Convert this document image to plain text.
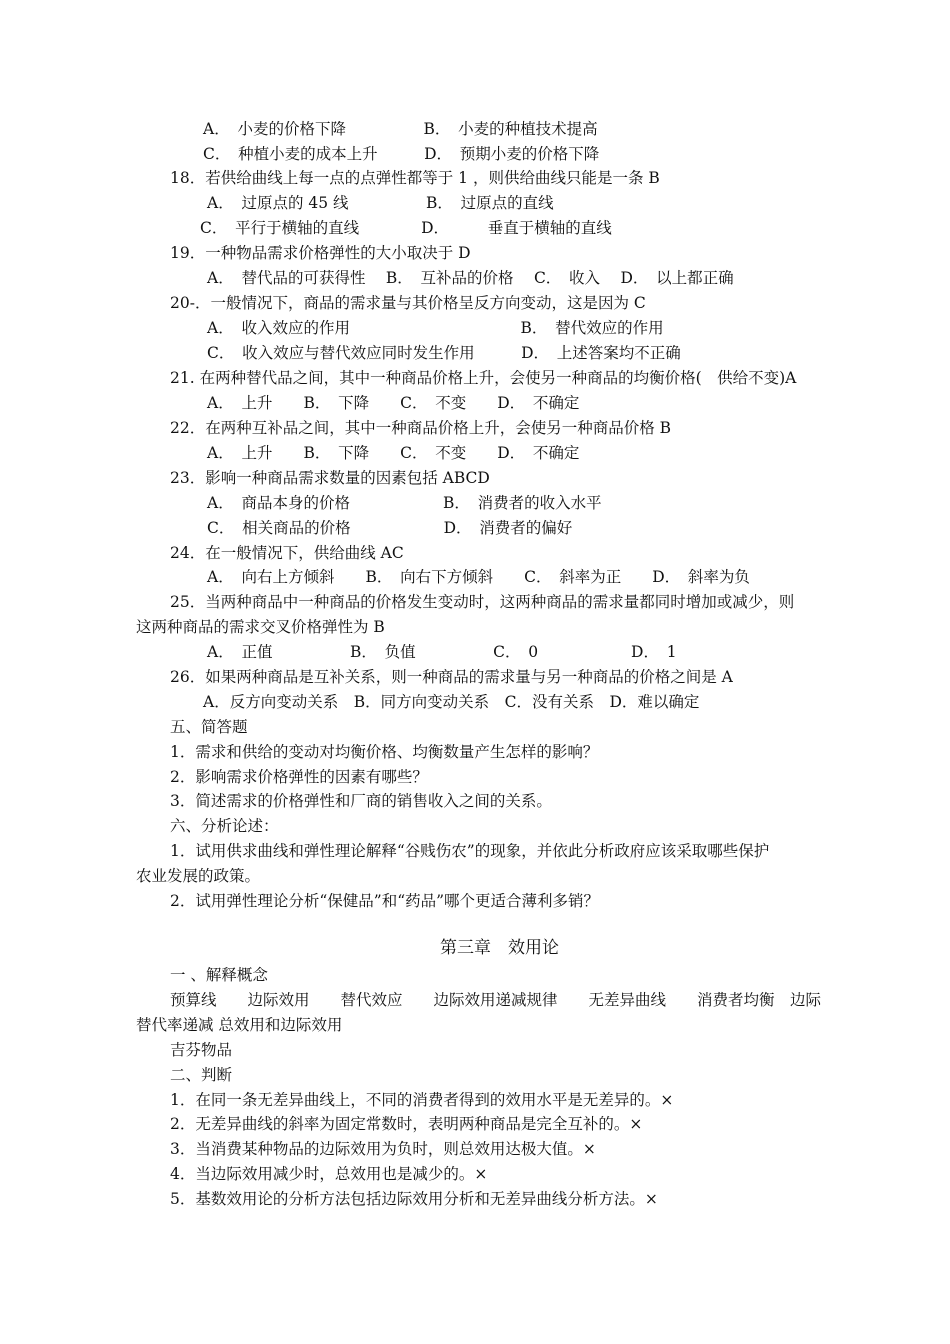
A．　小麦的价格下降　　　　　B．　小麦的种植技术提高
C．　种植小麦的成本上升　　　D．　预期小麦的价格下降
18．若供给曲线上每一点的点弹性都等于 1 ，则供给曲线只能是一条 B
A．　过原点的 45 线　　　　　B．　过原点的直线
C．　平行于横轴的直线　　　　D．　　　垂直于横轴的直线
19．一种物品需求价格弹性的大小取决于 D
A．　替代品的可获得性　 B．　互补品的价格　 C．　收入　 D．　以上都正确
20-．一般情况下，商品的需求量与其价格呈反方向变动，这是因为 C
A．　收入效应的作用　　　　　　　　　　　B．　替代效应的作用
C．　收入效应与替代效应同时发生作用　　　D．　上述答案均不正确
21. 在两种替代品之间，其中一种商品价格上升，会使另一种商品的均衡价格(　供给不变)A
A．　上升　　B．　下降　　C．　不变　　D．　不确定
22．在两种互补品之间，其中一种商品价格上升，会使另一种商品价格 B
A．　上升　　B．　下降　　C．　不变　　D．　不确定
23．影响一种商品需求数量的因素包括 ABCD
A．　商品本身的价格　　　　　　B．　消费者的收入水平
C．　相关商品的价格　　　　　　D．　消费者的偏好
24．在一般情况下，供给曲线 AC
A．　向右上方倾斜　　B．　向右下方倾斜　　C．　斜率为正　　D．　斜率为负
25．当两种商品中一种商品的价格发生变动时，这两种商品的需求量都同时增加或减少，则
这两种商品的需求交叉价格弹性为 B
A．　正值　　　　　B．　负值　　　　　C．　0　　　　　　D．　1
26．如果两种商品是互补关系，则一种商品的需求量与另一种商品的价格之间是 A
A．反方向变动关系　B．同方向变动关系　C．没有关系　D．难以确定
五、简答题
1．需求和供给的变动对均衡价格、均衡数量产生怎样的影响？
2．影响需求价格弹性的因素有哪些？
3．简述需求的价格弹性和厂商的销售收入之间的关系。
六、分析论述：
1．试用供求曲线和弹性理论解释“谷贱伤农”的现象，并依此分析政府应该采取哪些保护
农业发展的政策。
2．试用弹性理论分析“保健品”和“药品”哪个更适合薄利多销？
第三章　效用论
一 、解释概念
预算线　　边际效用　　替代效应　　边际效用递减规律　　无差异曲线　　消费者均衡　边际
替代率递减 总效用和边际效用
吉芬物品
二、判断
1．在同一条无差异曲线上，不同的消费者得到的效用水平是无差异的。×
2．无差异曲线的斜率为固定常数时，表明两种商品是完全互补的。×
3．当消费某种物品的边际效用为负时，则总效用达极大值。×
4．当边际效用减少时，总效用也是减少的。×
5．基数效用论的分析方法包括边际效用分析和无差异曲线分析方法。×
